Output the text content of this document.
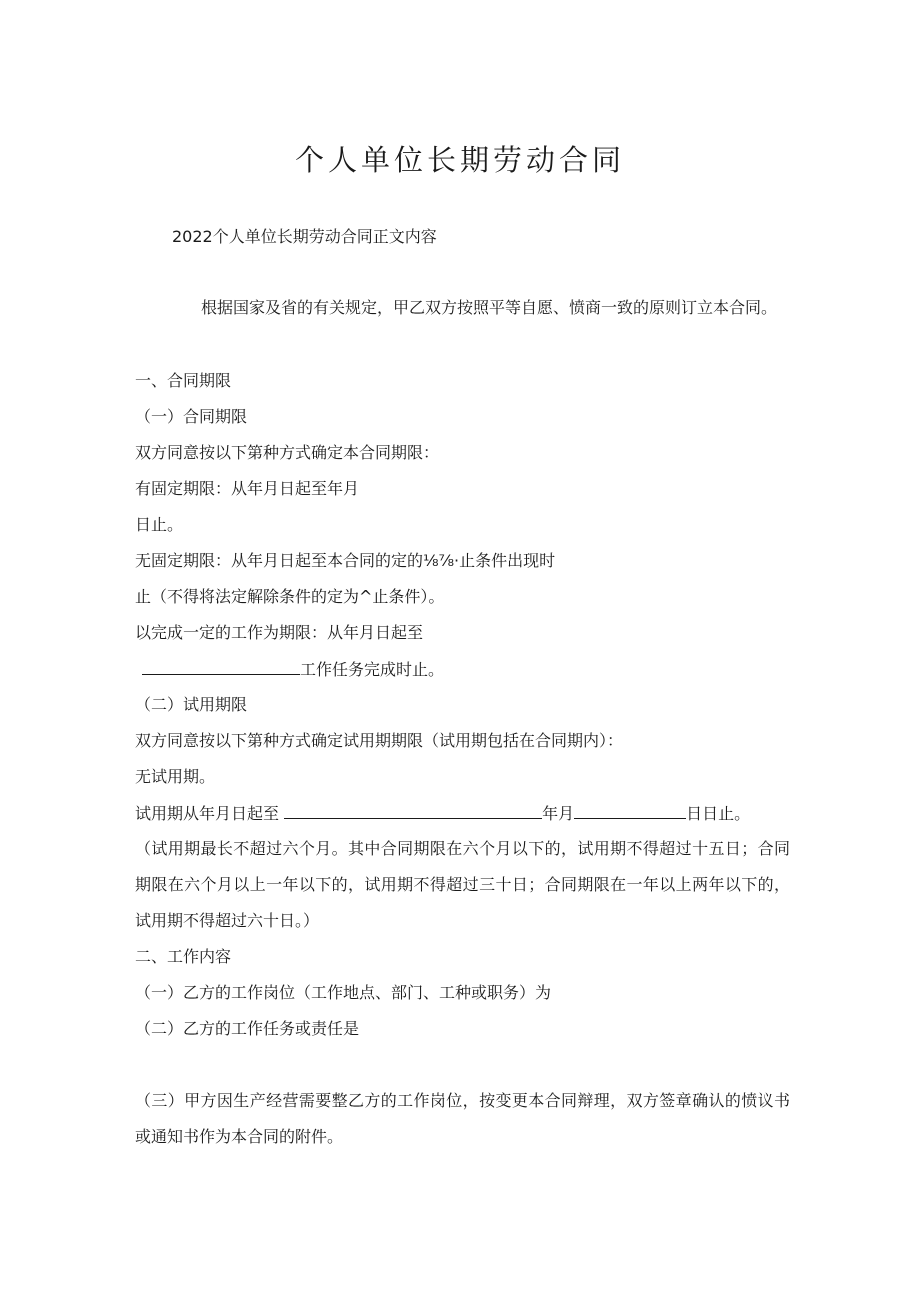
个人单位长期劳动合同
2022个人单位长期劳动合同正文内容
根据国家及省的有关规定，甲乙双方按照平等自愿、愤商一致的原则订立本合同。
一、合同期限
（一）合同期限
双方同意按以下第种方式确定本合同期限：
有固定期限：从年月日起至年月
日止。
无固定期限：从年月日起至本合同的定的⅛⅞·止条件出现时
止（不得将法定解除条件的定为^止条件）。
以完成一定的工作为期限：从年月日起至
工作任务完成时止。
（二）试用期限
双方同意按以下第种方式确定试用期期限（试用期包括在合同期内）：
无试用期。
试用期从年月日起至	年月	日日止。
（试用期最长不超过六个月。其中合同期限在六个月以下的，试用期不得超过十五日；合同期限在六个月以上一年以下的，试用期不得超过三十日；合同期限在一年以上两年以下的，试用期不得超过六十日。）
二、工作内容
（一）乙方的工作岗位（工作地点、部门、工种或职务）为
（二）乙方的工作任务或责任是
（三）甲方因生产经营需要整乙方的工作岗位，按变更本合同辩理，双方签章确认的愤议书或通知书作为本合同的附件。
